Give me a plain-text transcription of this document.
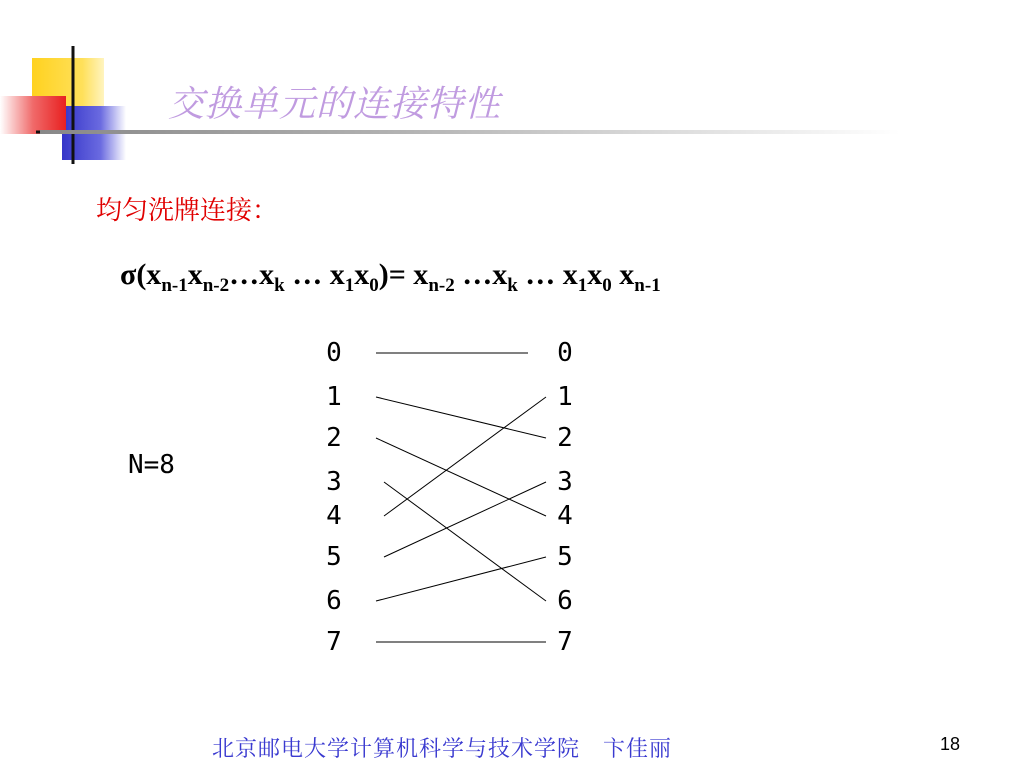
交换单元的连接特性
均匀洗牌连接：
$\sigma(x_{n-1}x_{n-2}\dots x_k$ … $x_1x_0)= x_{n-2}$ $\dots x_k$ … $x_1x_0$ $x_{n-1}$
N=8
0
1
2
3
4
5
6
7
0
1
2
3
4
5
6
7
北京邮电大学计算机科学与技术学院　卞佳丽	18
